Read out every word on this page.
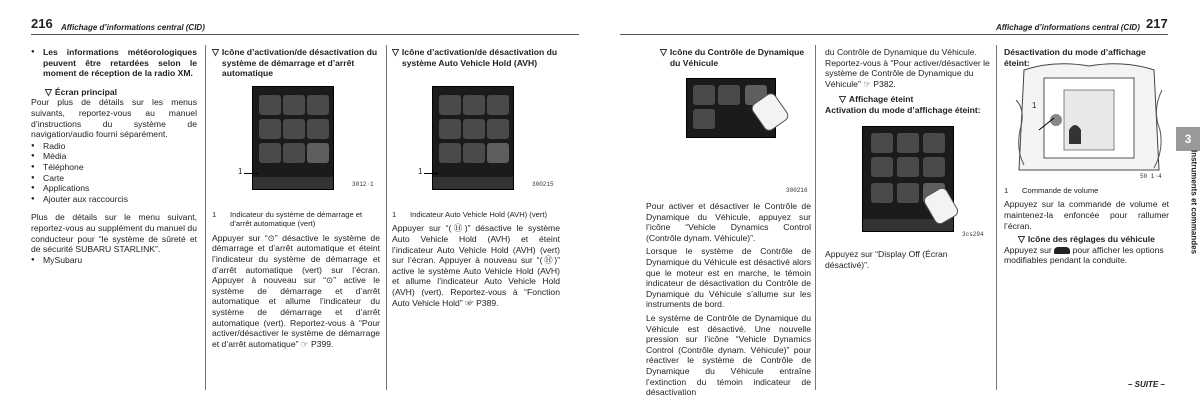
216 Affichage d’informations central (CID)	Affichage d’informations central (CID) 217
● Les informations météorologiques peuvent être retardées selon le moment de réception de la radio XM.
▽ Écran principal

Pour plus de détails sur les menus suivants, reportez-vous au manuel d’instructions du système de navigation/audio fourni séparément.

● Radio
● Média
● Téléphone
● Carte
● Applications
● Ajouter aux raccourcis

Plus de détails sur le menu suivant, reportez-vous au supplément du manuel du conducteur pour “le système de sûreté et de sécurité SUBARU STARLINK”.

● MySubaru
▽ Icône d’activation/de désactivation du système de démarrage et d’arrêt automatique
1
3012·1
1	Indicateur du système de démarrage et d’arrêt automatique (vert)

Appuyer sur “⊙” désactive le système de démarrage et d’arrêt automatique et éteint l’indicateur du système de démarrage et d’arrêt automatique (vert) sur l’écran. Appuyer à nouveau sur “⊙” active le système de démarrage et d’arrêt automatique et allume l’indicateur du système de démarrage et d’arrêt automatique (vert). Reportez-vous à “Pour activer/désactiver le système de démarrage et d’arrêt automatique” ☞ P399.

▽ Icône d’activation/de désactivation du système Auto Vehicle Hold (AVH)
1
300215
1	Indicateur Auto Vehicle Hold (AVH) (vert)

Appuyer sur “(Ⓗ)” désactive le système Auto Vehicle Hold (AVH) et éteint l’indicateur Auto Vehicle Hold (AVH) (vert) sur l’écran. Appuyer à nouveau sur “(Ⓗ)” active le système Auto Vehicle Hold (AVH) et allume l’indicateur Auto Vehicle Hold (AVH) (vert). Reportez-vous à “Fonction Auto Vehicle Hold” ☞ P389.

▽ Icône du Contrôle de Dynamique du Véhicule
300216

Pour activer et désactiver le Contrôle de Dynamique du Véhicule, appuyez sur l’icône “Vehicle Dynamics Control (Contrôle dynam. Véhicule)”.

Lorsque le système de Contrôle de Dynamique du Véhicule est désactivé alors que le moteur est en marche, le témoin indicateur de désactivation du Contrôle de Dynamique du Véhicule s’allume sur les instruments de bord.

Le système de Contrôle de Dynamique du Véhicule est désactivé. Une nouvelle pression sur l’icône “Vehicle Dynamics Control (Contrôle dynam. Véhicule)” pour réactiver le système de Contrôle de Dynamique du Véhicule entraîne l’extinction du témoin indicateur de désactivation

du Contrôle de Dynamique du Véhicule. Reportez-vous à “Pour activer/désactiver le système de Contrôle de Dynamique du Véhicule” ☞ P382.

▽ Affichage éteint
Activation du mode d’affichage éteint:
3cs294

Appuyez sur “Display Off (Écran désactivé)”.

Désactivation du mode d’affichage éteint:
1
50 1·4
1	Commande de volume

Appuyez sur la commande de volume et maintenez-la enfoncée pour rallumer l’écran.

▽ Icône des réglages du véhicule

Appuyez sur pour afficher les options modifiables pendant la conduite.

3
Instruments et commandes
– SUITE –
